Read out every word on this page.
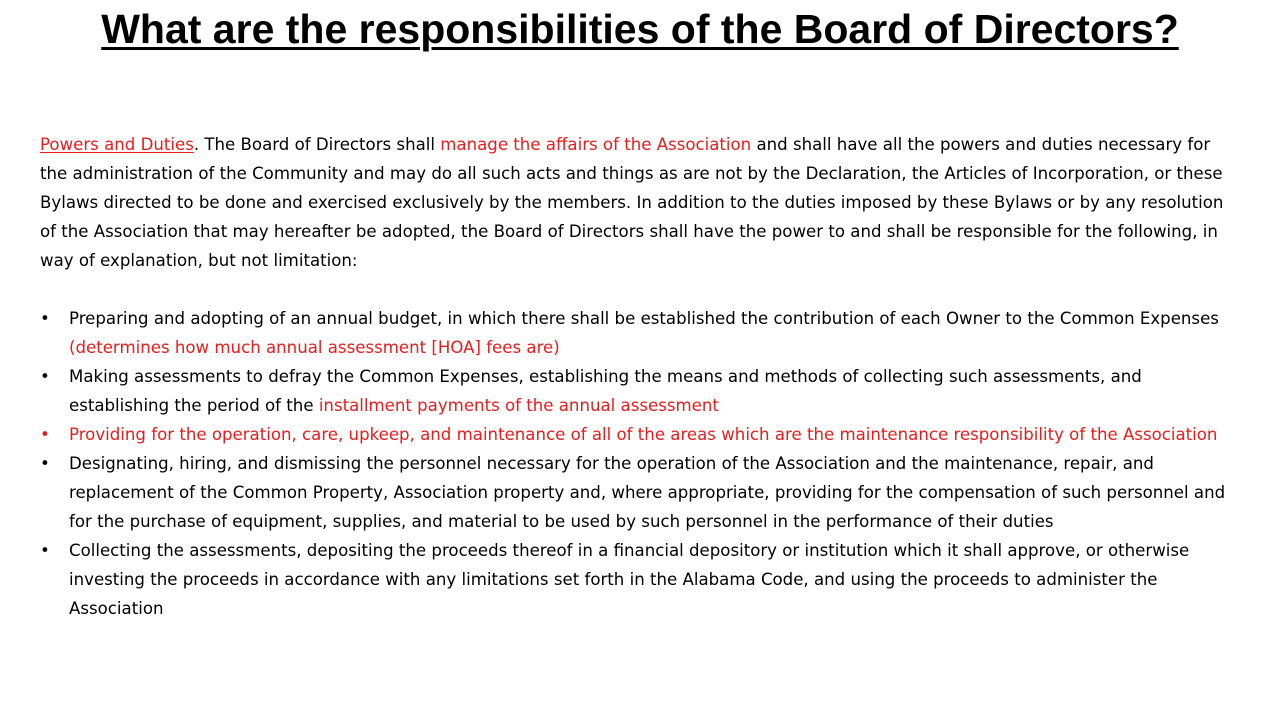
What are the responsibilities of the Board of Directors?

Powers and Duties. The Board of Directors shall manage the affairs of the Association and shall have all the powers and duties necessary for the administration of the Community and may do all such acts and things as are not by the Declaration, the Articles of Incorporation, or these Bylaws directed to be done and exercised exclusively by the members. In addition to the duties imposed by these Bylaws or by any resolution of the Association that may hereafter be adopted, the Board of Directors shall have the power to and shall be responsible for the following, in way of explanation, but not limitation:

• Preparing and adopting of an annual budget, in which there shall be established the contribution of each Owner to the Common Expenses (determines how much annual assessment [HOA] fees are)
• Making assessments to defray the Common Expenses, establishing the means and methods of collecting such assessments, and establishing the period of the installment payments of the annual assessment
• Providing for the operation, care, upkeep, and maintenance of all of the areas which are the maintenance responsibility of the Association
• Designating, hiring, and dismissing the personnel necessary for the operation of the Association and the maintenance, repair, and replacement of the Common Property, Association property and, where appropriate, providing for the compensation of such personnel and for the purchase of equipment, supplies, and material to be used by such personnel in the performance of their duties
• Collecting the assessments, depositing the proceeds thereof in a financial depository or institution which it shall approve, or otherwise investing the proceeds in accordance with any limitations set forth in the Alabama Code, and using the proceeds to administer the Association
